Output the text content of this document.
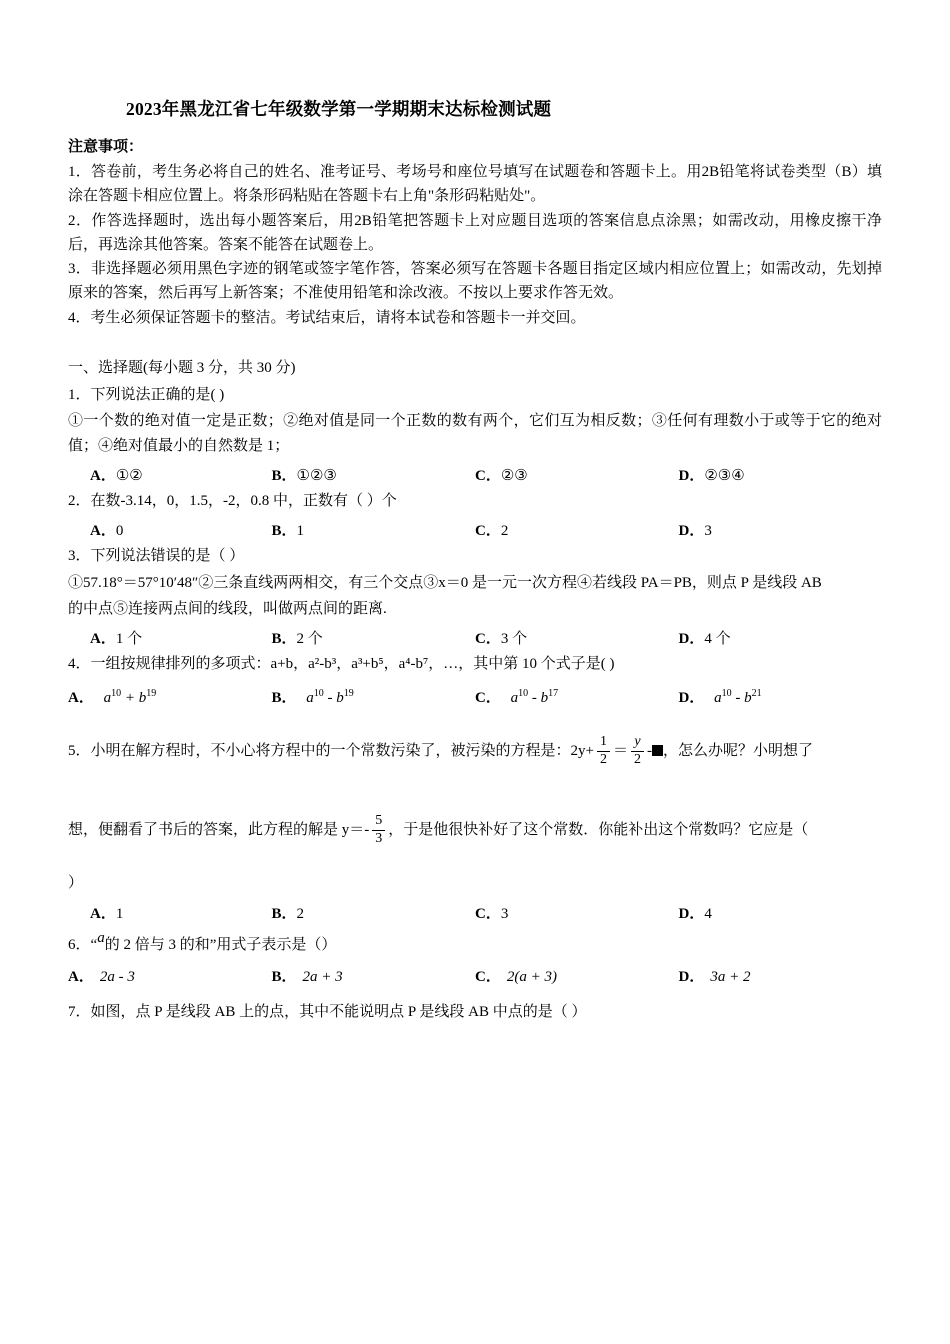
2023年黑龙江省七年级数学第一学期期末达标检测试题
注意事项：

1．答卷前，考生务必将自己的姓名、准考证号、考场号和座位号填写在试题卷和答题卡上。用2B铅笔将试卷类型（B）填涂在答题卡相应位置上。将条形码粘贴在答题卡右上角"条形码粘贴处"。

2．作答选择题时，选出每小题答案后，用2B铅笔把答题卡上对应题目选项的答案信息点涂黑；如需改动，用橡皮擦干净后，再选涂其他答案。答案不能答在试题卷上。

3．非选择题必须用黑色字迹的钢笔或签字笔作答，答案必须写在答题卡各题目指定区域内相应位置上；如需改动，先划掉原来的答案，然后再写上新答案；不准使用铅笔和涂改液。不按以上要求作答无效。

4．考生必须保证答题卡的整洁。考试结束后，请将本试卷和答题卡一并交回。

一、选择题(每小题 3 分，共 30 分)

1．下列说法正确的是( )

①一个数的绝对值一定是正数；②绝对值是同一个正数的数有两个，它们互为相反数；③任何有理数小于或等于它的绝对值；④绝对值最小的自然数是 1；

A．①②	B．①②③	C．②③	D．②③④

2．在数-3.14，0，1.5，-2，0.8 中，正数有（ ）个

A．0	B．1	C．2	D．3

3．下列说法错误的是（ ）

①57.18°＝57°10′48″②三条直线两两相交，有三个交点③x＝0 是一元一次方程④若线段 PA＝PB，则点 P 是线段 AB

的中点⑤连接两点间的线段，叫做两点间的距离.

A．1 个	B．2 个	C．3 个	D．4 个

4．一组按规律排列的多项式：a+b，a²-b³，a³+b⁵，a⁴-b⁷，…，其中第 10 个式子是( )

A． $a^{10} + b^{19}$	B． $a^{10} - b^{19}$	C． $a^{10} - b^{17}$	D． $a^{10} - b^{21}$

5．小明在解方程时，不小心将方程中的一个常数污染了，被污染的方程是：$2y+ \frac{1}{2} = \frac{y}{2}$ - ，怎么办呢？小明想了

想，便翻看了书后的答案，此方程的解是 $y=- \frac{5}{3}$ ，于是他很快补好了这个常数．你能补出这个常数吗？它应是（

）

A．1	B．2	C．3	D．4

6．“a的 2 倍与 3 的和”用式子表示是（）

A． 2a - 3	B． 2a + 3	C． 2(a + 3)	D． 3a + 2

7．如图，点 P 是线段 AB 上的点，其中不能说明点 P 是线段 AB 中点的是（ ）
